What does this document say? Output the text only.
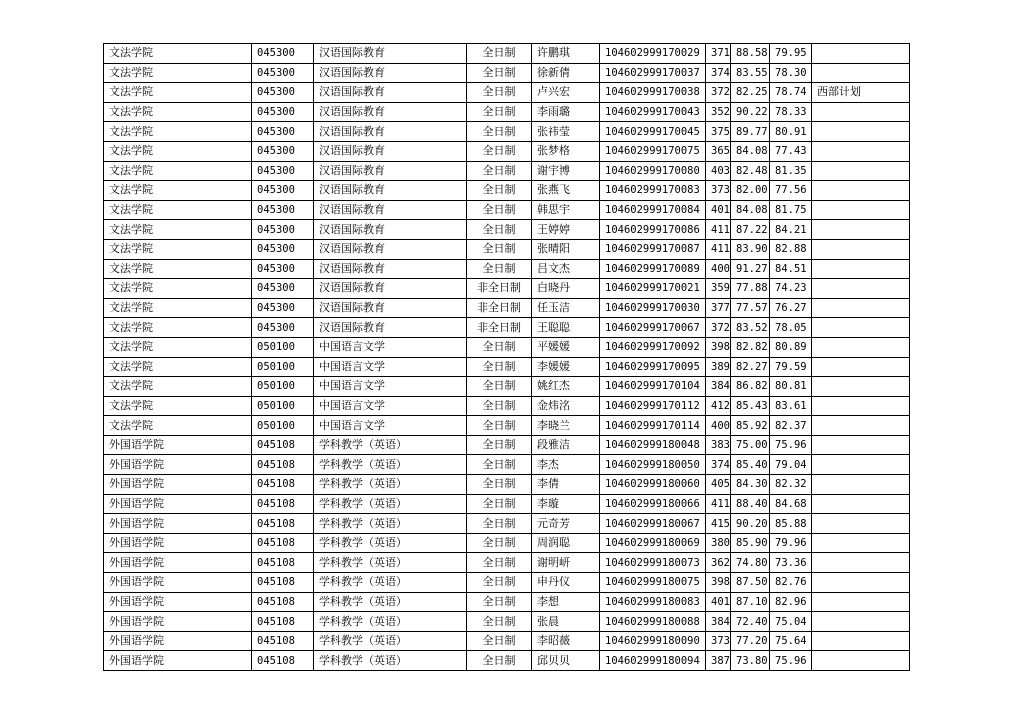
文法学院	045300	汉语国际教育	全日制	许鹏琪	104602999170029	371	88.58	79.95	
文法学院	045300	汉语国际教育	全日制	徐新倩	104602999170037	374	83.55	78.30	
文法学院	045300	汉语国际教育	全日制	卢兴宏	104602999170038	372	82.25	78.74	西部计划
文法学院	045300	汉语国际教育	全日制	李雨璐	104602999170043	352	90.22	78.33	
文法学院	045300	汉语国际教育	全日制	张祎莹	104602999170045	375	89.77	80.91	
文法学院	045300	汉语国际教育	全日制	张梦格	104602999170075	365	84.08	77.43	
文法学院	045300	汉语国际教育	全日制	谢宇博	104602999170080	403	82.48	81.35	
文法学院	045300	汉语国际教育	全日制	张燕飞	104602999170083	373	82.00	77.56	
文法学院	045300	汉语国际教育	全日制	韩思宇	104602999170084	401	84.08	81.75	
文法学院	045300	汉语国际教育	全日制	王婷婷	104602999170086	411	87.22	84.21	
文法学院	045300	汉语国际教育	全日制	张晴阳	104602999170087	411	83.90	82.88	
文法学院	045300	汉语国际教育	全日制	吕文杰	104602999170089	400	91.27	84.51	
文法学院	045300	汉语国际教育	非全日制	白晓丹	104602999170021	359	77.88	74.23	
文法学院	045300	汉语国际教育	非全日制	任玉洁	104602999170030	377	77.57	76.27	
文法学院	045300	汉语国际教育	非全日制	王聪聪	104602999170067	372	83.52	78.05	
文法学院	050100	中国语言文学	全日制	平媛媛	104602999170092	398	82.82	80.89	
文法学院	050100	中国语言文学	全日制	李媛媛	104602999170095	389	82.27	79.59	
文法学院	050100	中国语言文学	全日制	姚红杰	104602999170104	384	86.82	80.81	
文法学院	050100	中国语言文学	全日制	金炜洺	104602999170112	412	85.43	83.61	
文法学院	050100	中国语言文学	全日制	李晓兰	104602999170114	400	85.92	82.37	
外国语学院	045108	学科教学（英语）	全日制	段雅洁	104602999180048	383	75.00	75.96	
外国语学院	045108	学科教学（英语）	全日制	李杰	104602999180050	374	85.40	79.04	
外国语学院	045108	学科教学（英语）	全日制	李倩	104602999180060	405	84.30	82.32	
外国语学院	045108	学科教学（英语）	全日制	李璇	104602999180066	411	88.40	84.68	
外国语学院	045108	学科教学（英语）	全日制	元奇芳	104602999180067	415	90.20	85.88	
外国语学院	045108	学科教学（英语）	全日制	周润聪	104602999180069	380	85.90	79.96	
外国语学院	045108	学科教学（英语）	全日制	谢明岍	104602999180073	362	74.80	73.36	
外国语学院	045108	学科教学（英语）	全日制	申丹仪	104602999180075	398	87.50	82.76	
外国语学院	045108	学科教学（英语）	全日制	李想	104602999180083	401	87.10	82.96	
外国语学院	045108	学科教学（英语）	全日制	张晨	104602999180088	384	72.40	75.04	
外国语学院	045108	学科教学（英语）	全日制	李昭薇	104602999180090	373	77.20	75.64	
外国语学院	045108	学科教学（英语）	全日制	邱贝贝	104602999180094	387	73.80	75.96	
